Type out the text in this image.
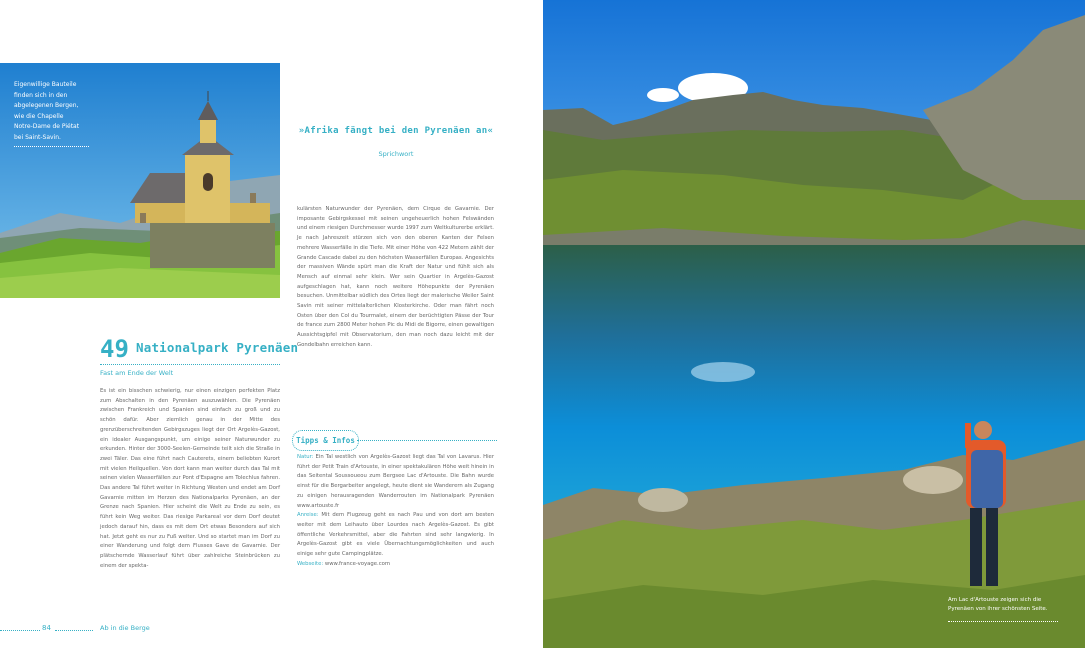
Eigenwillige Bauteile
finden sich in den
abgelegenen Bergen,
wie die Chapelle
Notre-Dame de Piétat
bei Saint-Savin.
»Afrika fängt bei den Pyrenäen an«
Sprichwort
kulärsten Naturwunder der Pyrenäen, dem Cirque de Gavarnie. Der imposante Gebirgskessel mit seinen ungeheuerlich hohen Felswänden und einem riesigen Durchmesser wurde 1997 zum Weltkulturerbe erklärt. Je nach Jahreszeit stürzen sich von den oberen Kanten der Felsen mehrere Wasserfälle in die Tiefe. Mit einer Höhe von 422 Metern zählt der Grande Cascade dabei zu den höchsten Wasserfällen Europas. Angesichts der massiven Wände spürt man die Kraft der Natur und fühlt sich als Mensch auf einmal sehr klein. Wer sein Quartier in Argelès-Gazost aufgeschlagen hat, kann noch weitere Höhepunkte der Pyrenäen besuchen. Unmittelbar südlich des Ortes liegt der malerische Weiler Saint Savin mit seiner mittelalterlichen Klosterkirche. Oder man fährt noch Osten über den Col du Tourmalet, einem der berüchtigten Pässe der Tour de france zum 2800 Meter hohen Pic du Midi de Bigorre, einen gewaltigen Aussichtsgipfel mit Observatorium, den man noch dazu leicht mit der Gondelbahn erreichen kann.
49 Nationalpark Pyrenäen
Fast am Ende der Welt
Es ist ein bisschen schwierig, nur einen einzigen perfekten Platz zum Abschalten in den Pyrenäen auszuwählen. Die Pyrenäen zwischen Frankreich und Spanien sind einfach zu groß und zu schön dafür. Aber ziemlich genau in der Mitte des grenzüberschreitenden Gebirgszuges liegt der Ort Argelès-Gazost, ein idealer Ausgangspunkt, um einige seiner Naturwunder zu erkunden. Hinter der 3000-Seelen-Gemeinde teilt sich die Straße in zwei Täler. Das eine führt nach Cauterets, einem beliebten Kurort mit vielen Heilquellen. Von dort kann man weiter durch das Tal mit seinen vielen Wasserfällen zur Pont d'Espagne am Tolechlus fahren. Das andere Tal führt weiter in Richtung Westen und endet am Dorf Gavarnie mitten im Herzen des Nationalparks Pyrenäen, an der Grenze nach Spanien. Hier scheint die Welt zu Ende zu sein, es führt kein Weg weiter. Das riesige Parkareal vor dem Dorf deutet jedoch darauf hin, dass es mit dem Ort etwas Besonders auf sich hat. Jetzt geht es nur zu Fuß weiter. Und so startet man im Dorf zu einer Wanderung und folgt dem Flusses Gave de Gavarnie. Der plätschernde Wasserlauf führt über zahlreiche Steinbrücken zu einem der spekta-
Tipps & Infos
Natur: Ein Tal westlich von Argelès-Gazost liegt das Tal von Lavarus. Hier führt der Petit Train d'Artouste, in einer spektakulären Höhe weit hinein in das Seitental Soussoueou zum Bergsee Lac d'Artouste. Die Bahn wurde einst für die Bergarbeiter angelegt, heute dient sie Wanderern als Zugang zu einigen herausragenden Wanderrouten im Nationalpark Pyrenäen www.artouste.fr
Anreise: Mit dem Flugzeug geht es nach Pau und von dort am besten weiter mit dem Leihauto über Lourdes nach Argelès-Gazost. Es gibt öffentliche Verkehrsmittel, aber die Fahrten sind sehr langwierig. In Argelès-Gazost gibt es viele Übernachtungsmöglichkeiten und auch einige sehr gute Campingplätze.
Webseite: www.france-voyage.com
84	Ab in die Berge
Am Lac d'Artouste zeigen sich die Pyrenäen von ihrer schönsten Seite.
